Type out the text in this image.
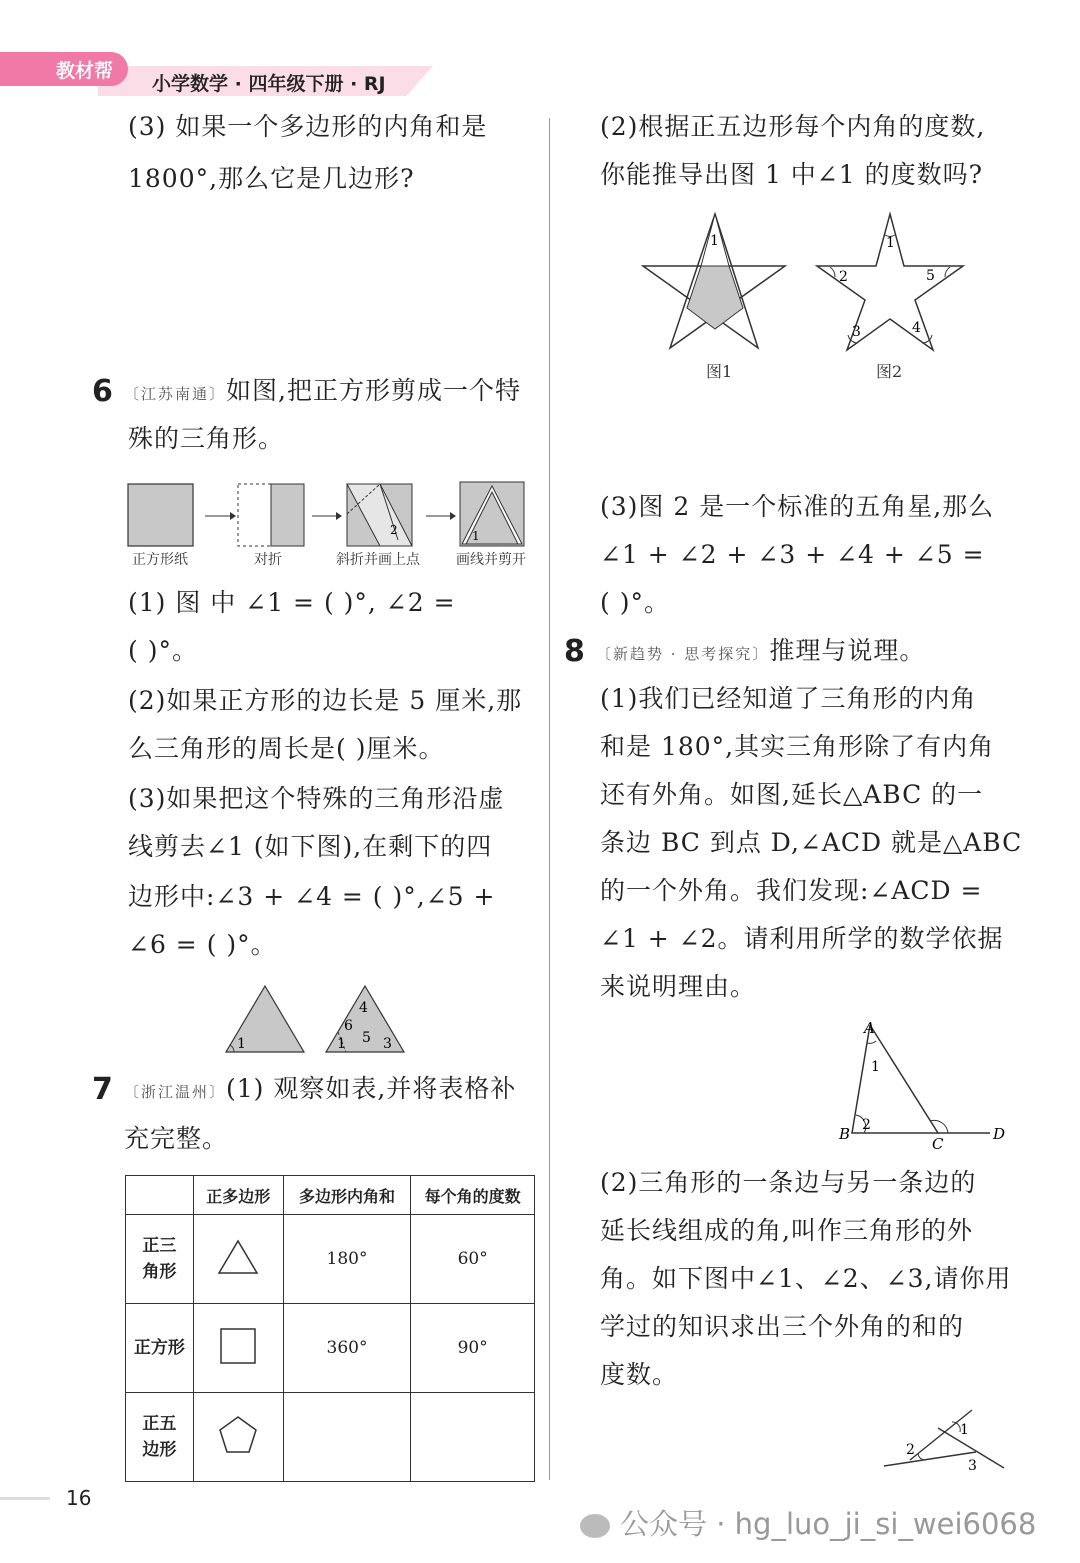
教材帮
小学数学 · 四年级下册 · RJ
(3) 如果一个多边形的内角和是
1800°,那么它是几边形?
6 〔江苏南通〕如图,把正方形剪成一个特
殊的三角形。
2	1
正方形纸	对折	斜折并画上点	画线并剪开
(1) 图 中 ∠1 = ( )°, ∠2 =
( )°。
(2)如果正方形的边长是 5 厘米,那
么三角形的周长是( )厘米。
(3)如果把这个特殊的三角形沿虚
线剪去∠1 (如下图),在剩下的四
边形中:∠3 + ∠4 = ( )°,∠5 +
∠6 = ( )°。
1
4
6
1 5 3
7 〔浙江温州〕(1) 观察如表,并将表格补
充完整。
	正多边形	多边形内角和	每个角的度数
正三
角形		180°	60°
正方形		360°	90°
正五
边形			
16
(2)根据正五边形每个内角的度数,
你能推导出图 1 中∠1 的度数吗?
1	1
2	5
3	4
图1	图2
(3)图 2 是一个标准的五角星,那么
∠1 + ∠2 + ∠3 + ∠4 + ∠5 =
( )°。
8 〔新趋势 · 思考探究〕推理与说理。
(1)我们已经知道了三角形的内角
和是 180°,其实三角形除了有内角
还有外角。如图,延长△ABC 的一
条边 BC 到点 D,∠ACD 就是△ABC
的一个外角。我们发现:∠ACD =
∠1 + ∠2。请利用所学的数学依据
来说明理由。
A
B
C
D
1
2
(2)三角形的一条边与另一条边的
延长线组成的角,叫作三角形的外
角。如下图中∠1、∠2、∠3,请你用
学过的知识求出三个外角的和的
度数。
2
1
3
公众号 · hg_luo_ji_si_wei6068
